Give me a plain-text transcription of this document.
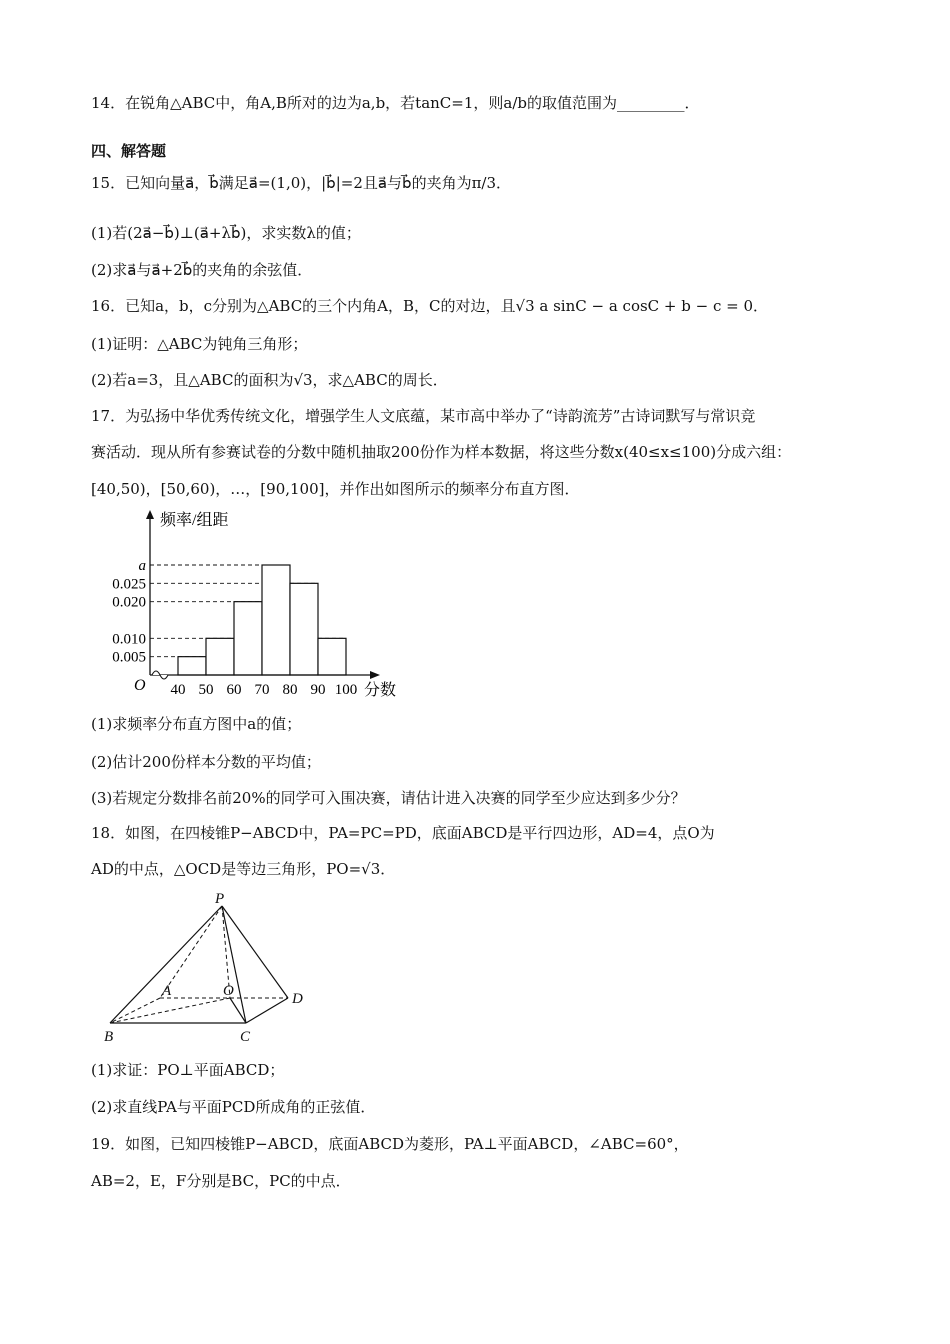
14．在锐角△ABC中，角A,B所对的边为a,b，若tanC=1，则a/b的取值范围为_________．
四、解答题
15．已知向量a⃗，b⃗满足a⃗=(1,0)，|b⃗|=2且a⃗与b⃗的夹角为π/3．
(1)若(2a⃗−b⃗)⊥(a⃗+λb⃗)，求实数λ的值；
(2)求a⃗与a⃗+2b⃗的夹角的余弦值．
16．已知a，b，c分别为△ABC的三个内角A，B，C的对边，且√3 a sinC − a cosC + b − c = 0．
(1)证明：△ABC为钝角三角形；
(2)若a=3，且△ABC的面积为√3，求△ABC的周长．
17．为弘扬中华优秀传统文化，增强学生人文底蕴，某市高中举办了“诗韵流芳”古诗词默写与常识竞
赛活动．现从所有参赛试卷的分数中随机抽取200份作为样本数据，将这些分数x(40≤x≤100)分成六组：
[40,50)，[50,60)，…，[90,100]，并作出如图所示的频率分布直方图．
频率/组距
分数
O
0.005
0.010
0.020
0.025
a
40 50 60 70 80 90 100
(1)求频率分布直方图中a的值；
(2)估计200份样本分数的平均值；
(3)若规定分数排名前20%的同学可入围决赛，请估计进入决赛的同学至少应达到多少分？
18．如图，在四棱锥P−ABCD中，PA=PC=PD，底面ABCD是平行四边形，AD=4，点O为
AD的中点，△OCD是等边三角形，PO=√3．
P
A	O	D
B	C
(1)求证：PO⊥平面ABCD；
(2)求直线PA与平面PCD所成角的正弦值．
19．如图，已知四棱锥P−ABCD，底面ABCD为菱形，PA⊥平面ABCD，∠ABC=60°，
AB=2，E，F分别是BC，PC的中点．
